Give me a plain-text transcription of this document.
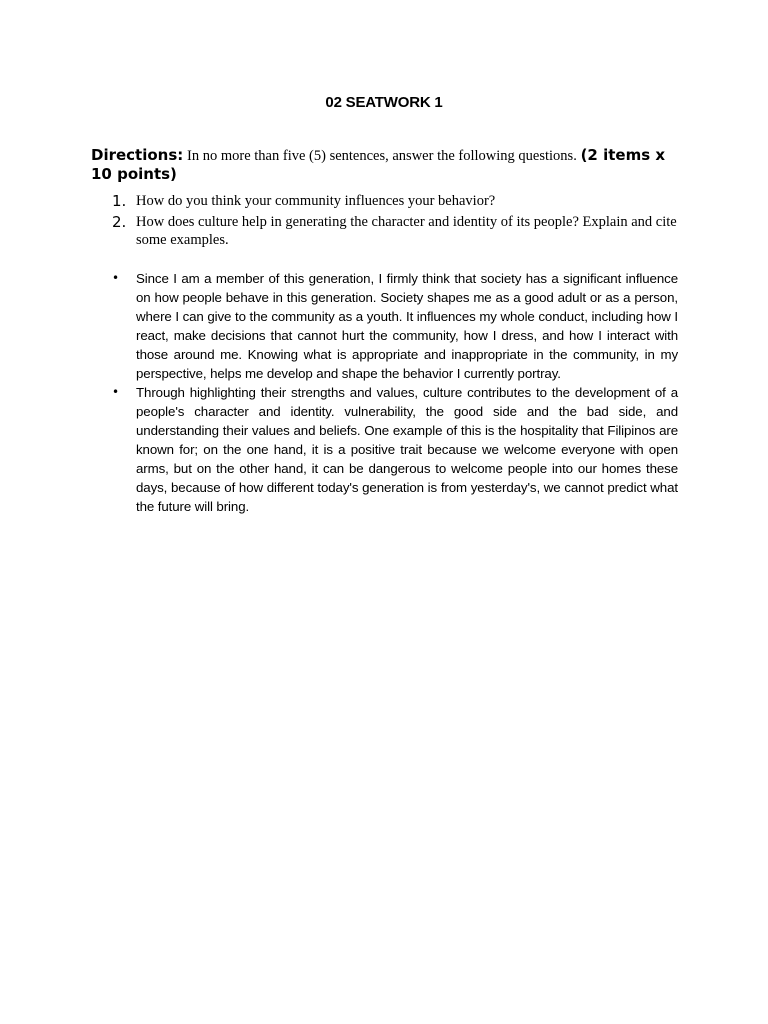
02 SEATWORK 1
Directions: In no more than five (5) sentences, answer the following questions. (2 items x 10 points)
1. How do you think your community influences your behavior?
2. How does culture help in generating the character and identity of its people? Explain and cite some examples.
•	Since I am a member of this generation, I firmly think that society has a significant influence on how people behave in this generation. Society shapes me as a good adult or as a person, where I can give to the community as a youth. It influences my whole conduct, including how I react, make decisions that cannot hurt the community, how I dress, and how I interact with those around me. Knowing what is appropriate and inappropriate in the community, in my perspective, helps me develop and shape the behavior I currently portray.
•	Through highlighting their strengths and values, culture contributes to the development of a people's character and identity. vulnerability, the good side and the bad side, and understanding their values and beliefs. One example of this is the hospitality that Filipinos are known for; on the one hand, it is a positive trait because we welcome everyone with open arms, but on the other hand, it can be dangerous to welcome people into our homes these days, because of how different today's generation is from yesterday's, we cannot predict what the future will bring.
